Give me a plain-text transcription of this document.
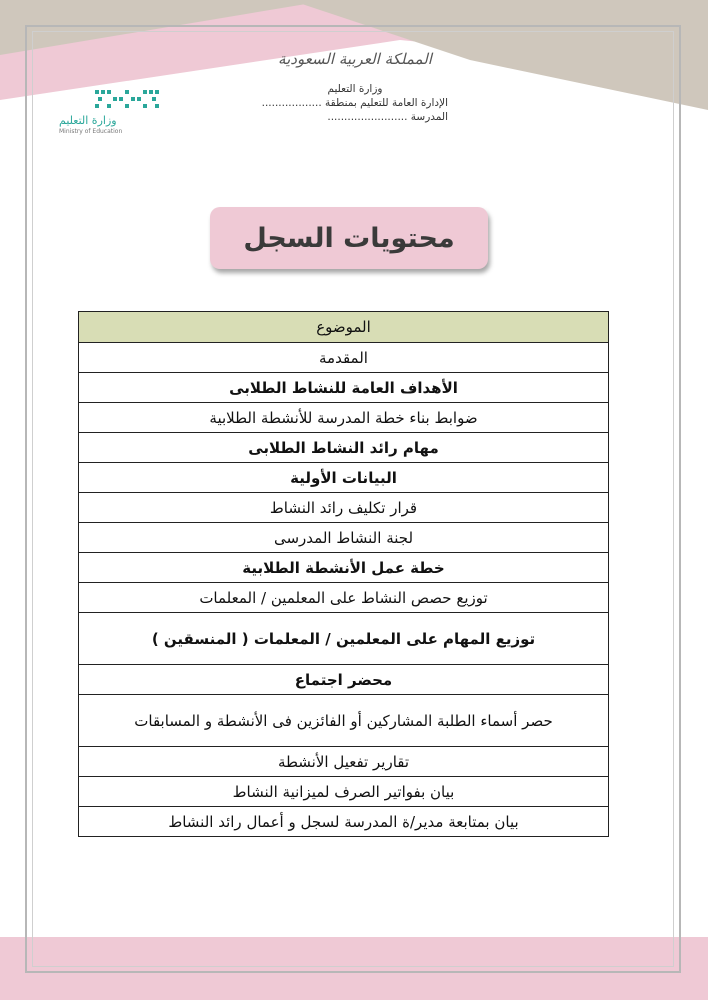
المملكة العربية السعودية
وزارة التعليم
الإدارة العامة للتعليم بمنطقة ..................
المدرسة ........................
وزارة التعليم
Ministry of Education
محتويات السجل
الموضوع
المقدمة
الأهداف العامة للنشاط الطلابى
ضوابط بناء خطة المدرسة للأنشطة الطلابية
مهام رائد النشاط الطلابى
البيانات الأولية
قرار تكليف رائد النشاط
لجنة النشاط المدرسى
خطة عمل الأنشطة الطلابية
توزيع حصص النشاط على المعلمين / المعلمات
توزيع المهام على المعلمين / المعلمات ( المنسقين )
محضر اجتماع
حصر أسماء الطلبة المشاركين أو الفائزين فى الأنشطة و المسابقات
تقارير تفعيل الأنشطة
بيان بفواتير الصرف لميزانية النشاط
بيان بمتابعة مدير/ة المدرسة لسجل و أعمال رائد النشاط
